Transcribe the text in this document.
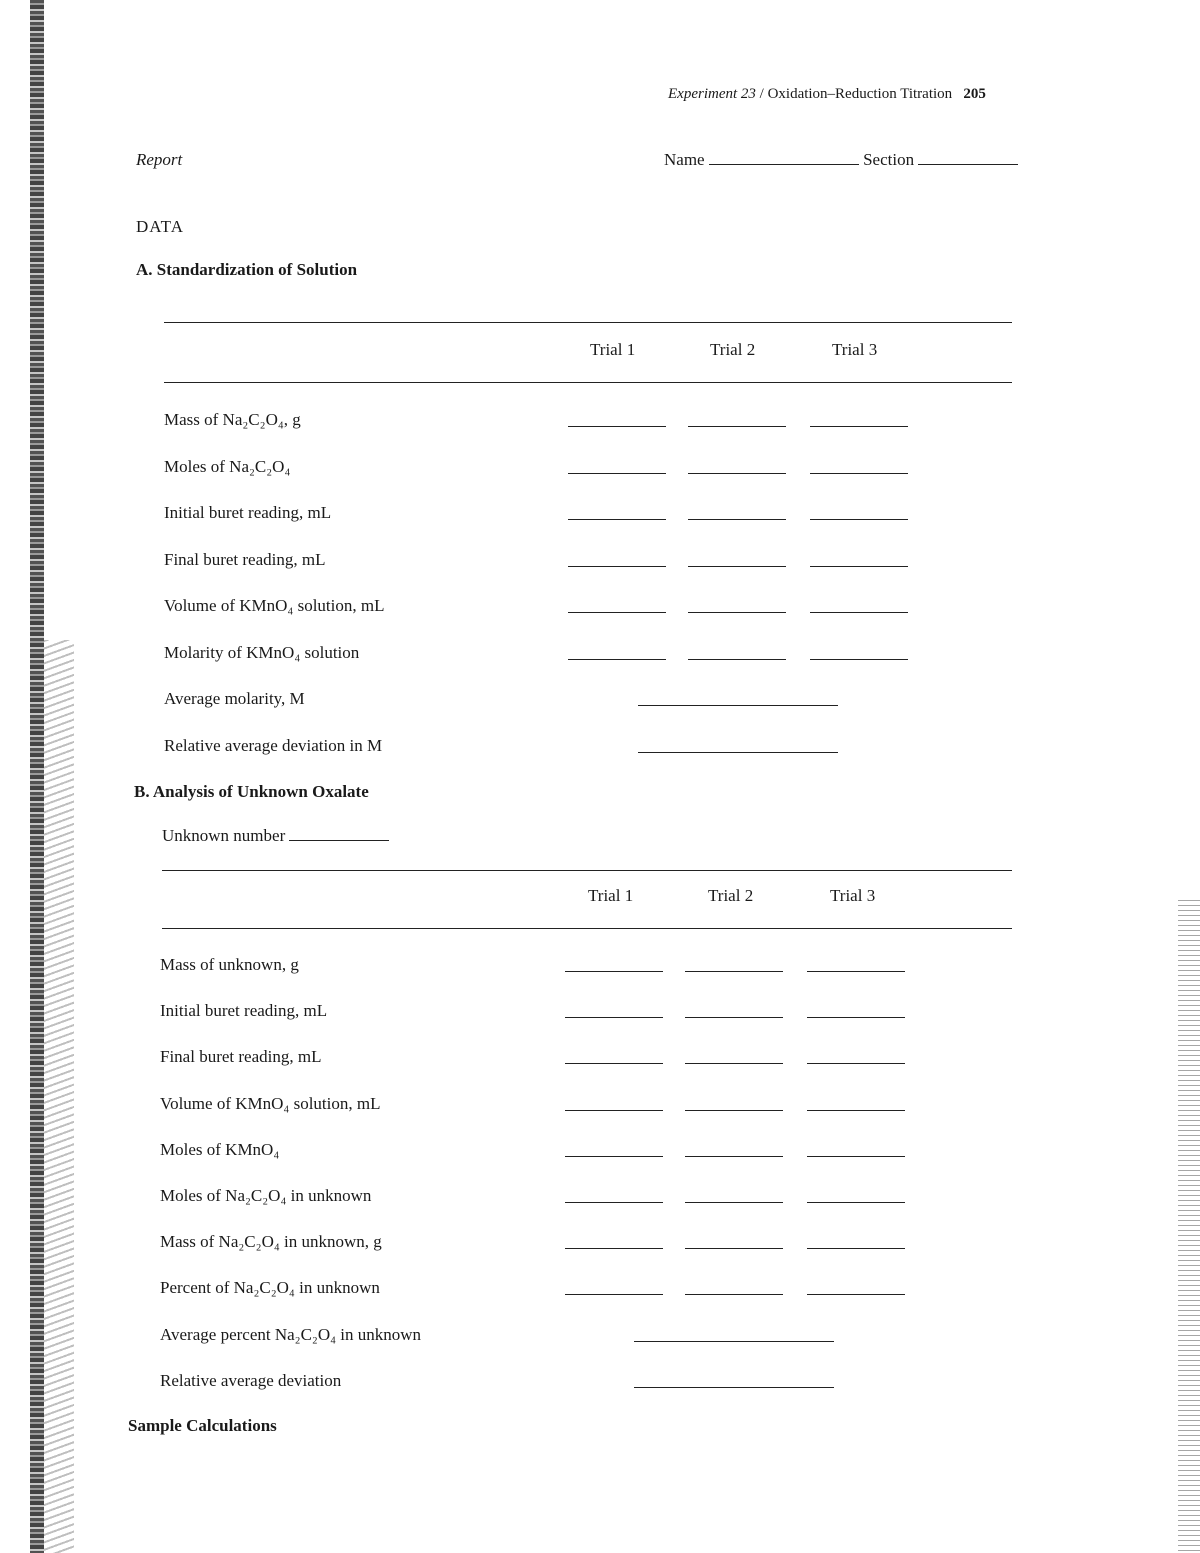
Experiment 23 / Oxidation–Reduction Titration 205
Report	Name	Section
DATA
A. Standardization of Solution
Trial 1	Trial 2	Trial 3
Mass of Na₂C₂O₄, g
Moles of Na₂C₂O₄
Initial buret reading, mL
Final buret reading, mL
Volume of KMnO₄ solution, mL
Molarity of KMnO₄ solution
Average molarity, M
Relative average deviation in M
B. Analysis of Unknown Oxalate
Unknown number
Trial 1	Trial 2	Trial 3
Mass of unknown, g
Initial buret reading, mL
Final buret reading, mL
Volume of KMnO₄ solution, mL
Moles of KMnO₄
Moles of Na₂C₂O₄ in unknown
Mass of Na₂C₂O₄ in unknown, g
Percent of Na₂C₂O₄ in unknown
Average percent Na₂C₂O₄ in unknown
Relative average deviation
Sample Calculations
